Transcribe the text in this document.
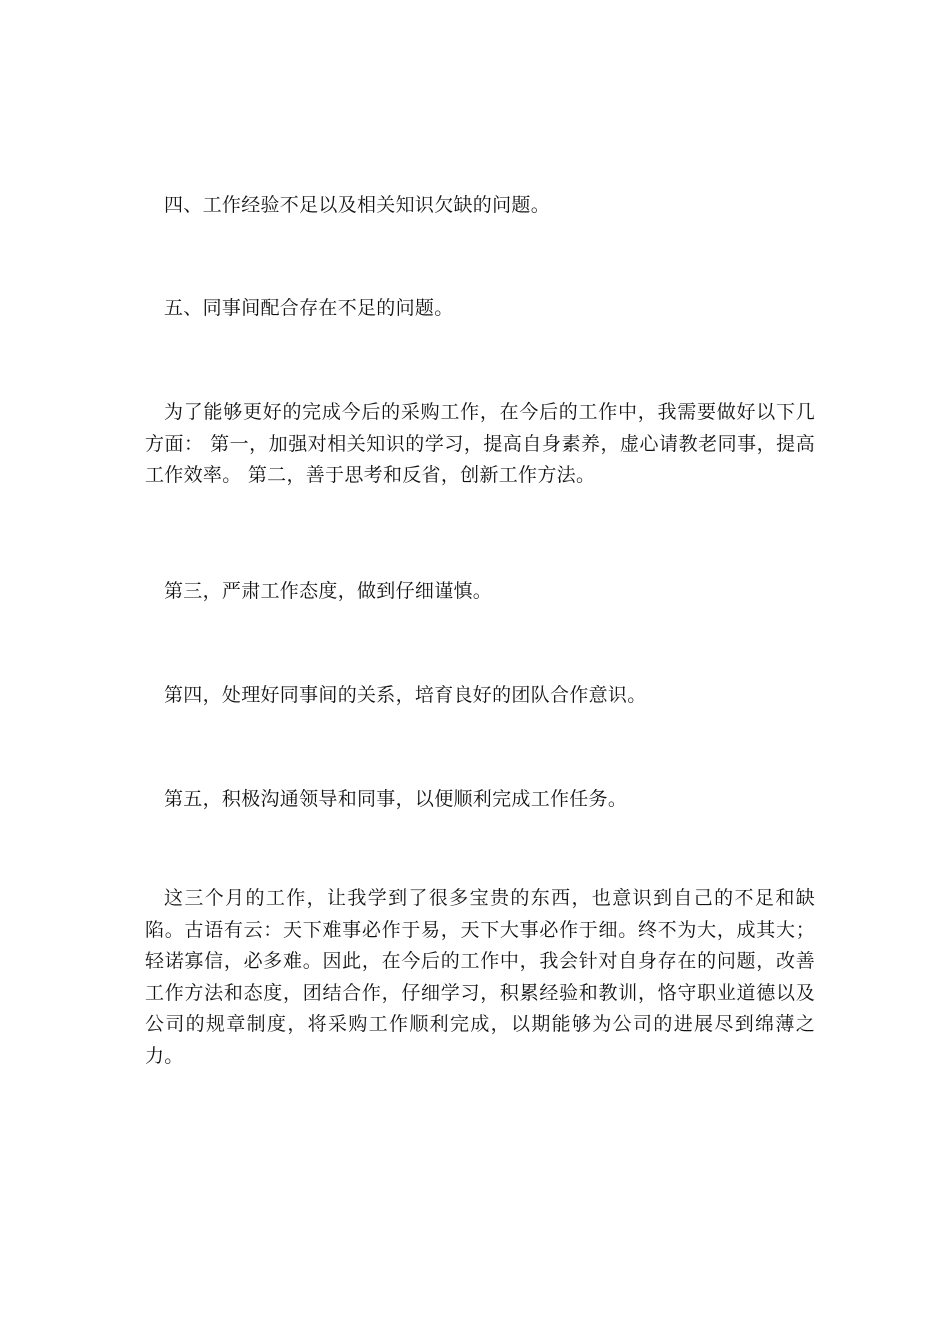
四、工作经验不足以及相关知识欠缺的问题。

五、同事间配合存在不足的问题。

为了能够更好的完成今后的采购工作，在今后的工作中，我需要做好以下几方面： 第一，加强对相关知识的学习，提高自身素养，虚心请教老同事，提高工作效率。 第二，善于思考和反省，创新工作方法。

第三，严肃工作态度，做到仔细谨慎。

第四，处理好同事间的关系，培育良好的团队合作意识。

第五，积极沟通领导和同事，以便顺利完成工作任务。

这三个月的工作，让我学到了很多宝贵的东西，也意识到自己的不足和缺陷。古语有云：天下难事必作于易，天下大事必作于细。终不为大，成其大；轻诺寡信，必多难。因此，在今后的工作中，我会针对自身存在的问题，改善工作方法和态度，团结合作，仔细学习，积累经验和教训，恪守职业道德以及公司的规章制度，将采购工作顺利完成，以期能够为公司的进展尽到绵薄之力。
